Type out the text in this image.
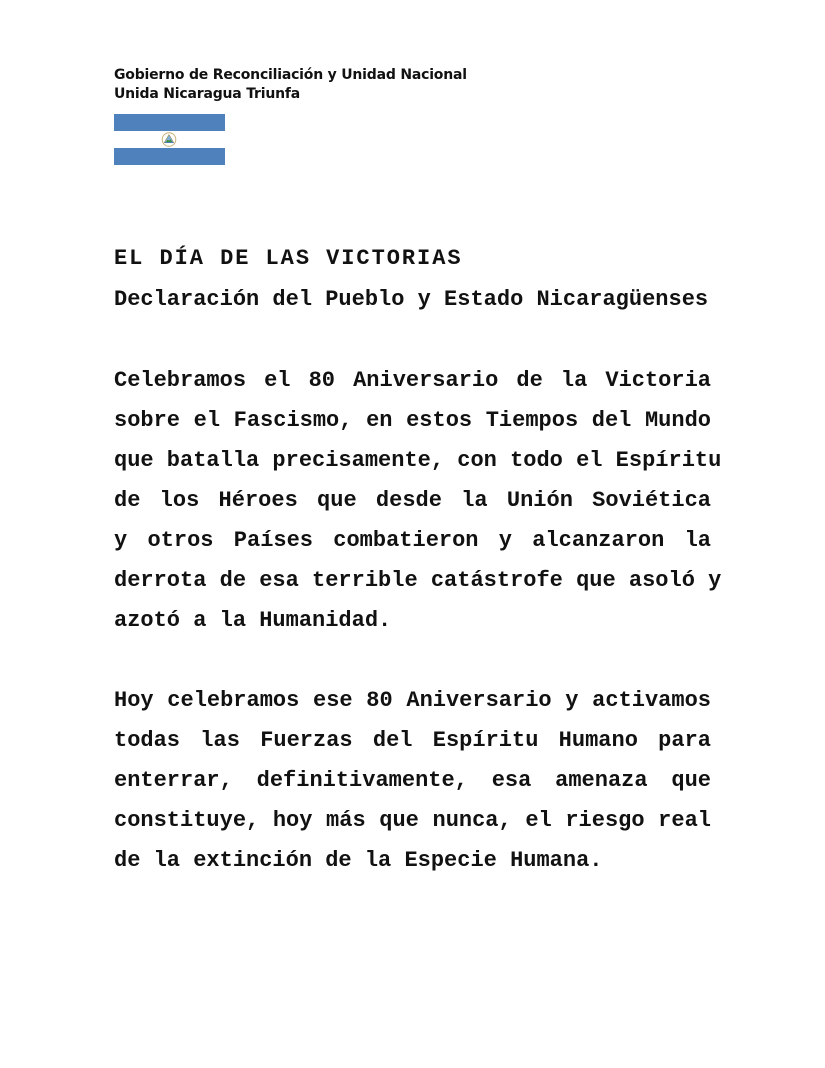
Gobierno de Reconciliación y Unidad Nacional
Unida Nicaragua Triunfa
EL DÍA DE LAS VICTORIAS
Declaración del Pueblo y Estado Nicaragüenses
Celebramos el 80 Aniversario de la Victoria
sobre el Fascismo, en estos Tiempos del Mundo
que batalla precisamente, con todo el Espíritu
de los Héroes que desde la Unión Soviética
y otros Países combatieron y alcanzaron la
derrota de esa terrible catástrofe que asoló y
azotó a la Humanidad.
Hoy celebramos ese 80 Aniversario y activamos
todas las Fuerzas del Espíritu Humano para
enterrar, definitivamente, esa amenaza que
constituye, hoy más que nunca, el riesgo real
de la extinción de la Especie Humana.
